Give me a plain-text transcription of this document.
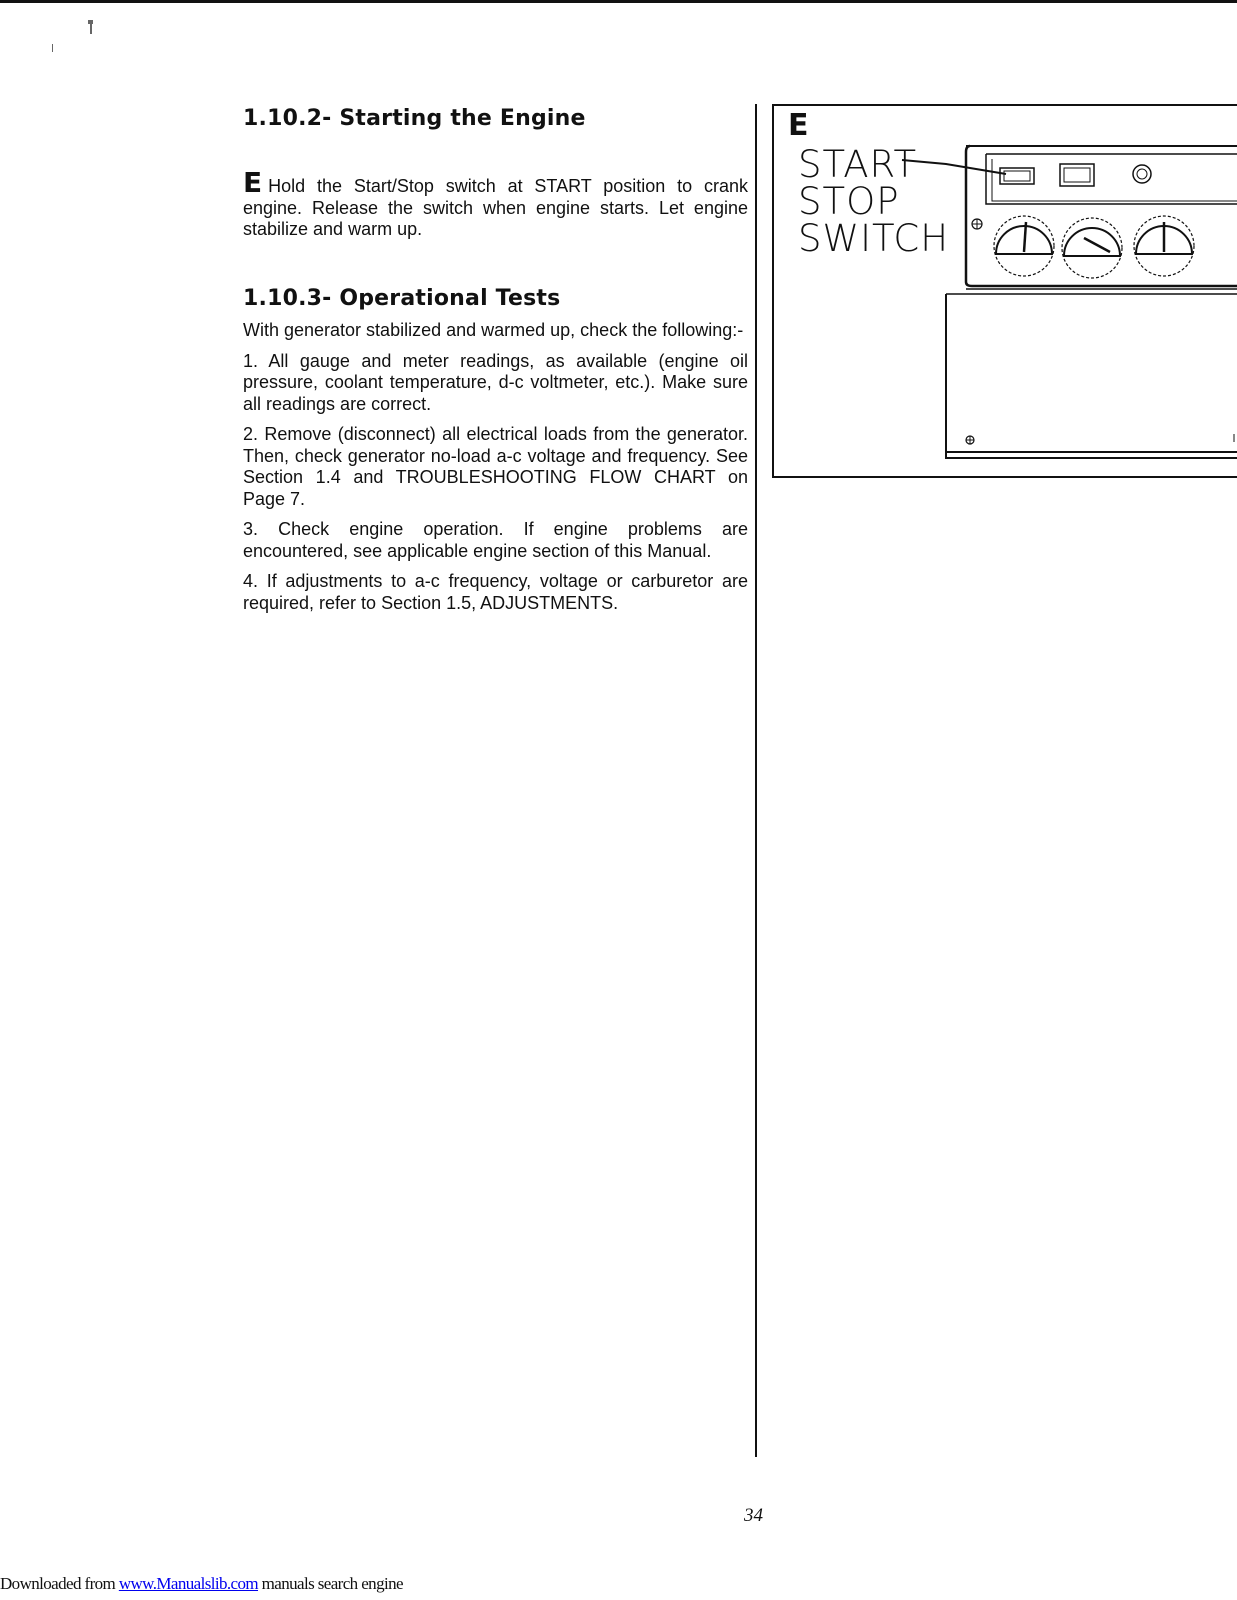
1.10.2- Starting the Engine

E Hold the Start/Stop switch at START position to crank engine. Release the switch when engine starts. Let engine stabilize and warm up.

1.10.3- Operational Tests

With generator stabilized and warmed up, check the following:-

1. All gauge and meter readings, as available (engine oil pressure, coolant temperature, d-c voltmeter, etc.). Make sure all readings are correct.

2. Remove (disconnect) all electrical loads from the generator. Then, check generator no-load a-c voltage and frequency. See Section 1.4 and TROUBLESHOOTING FLOW CHART on Page 7.

3. Check engine operation. If engine problems are encountered, see applicable engine section of this Manual.

4. If adjustments to a-c frequency, voltage or carburetor are required, refer to Section 1.5, ADJUSTMENTS.

E
START
STOP
SWITCH
34
Downloaded from www.Manualslib.com manuals search engine
